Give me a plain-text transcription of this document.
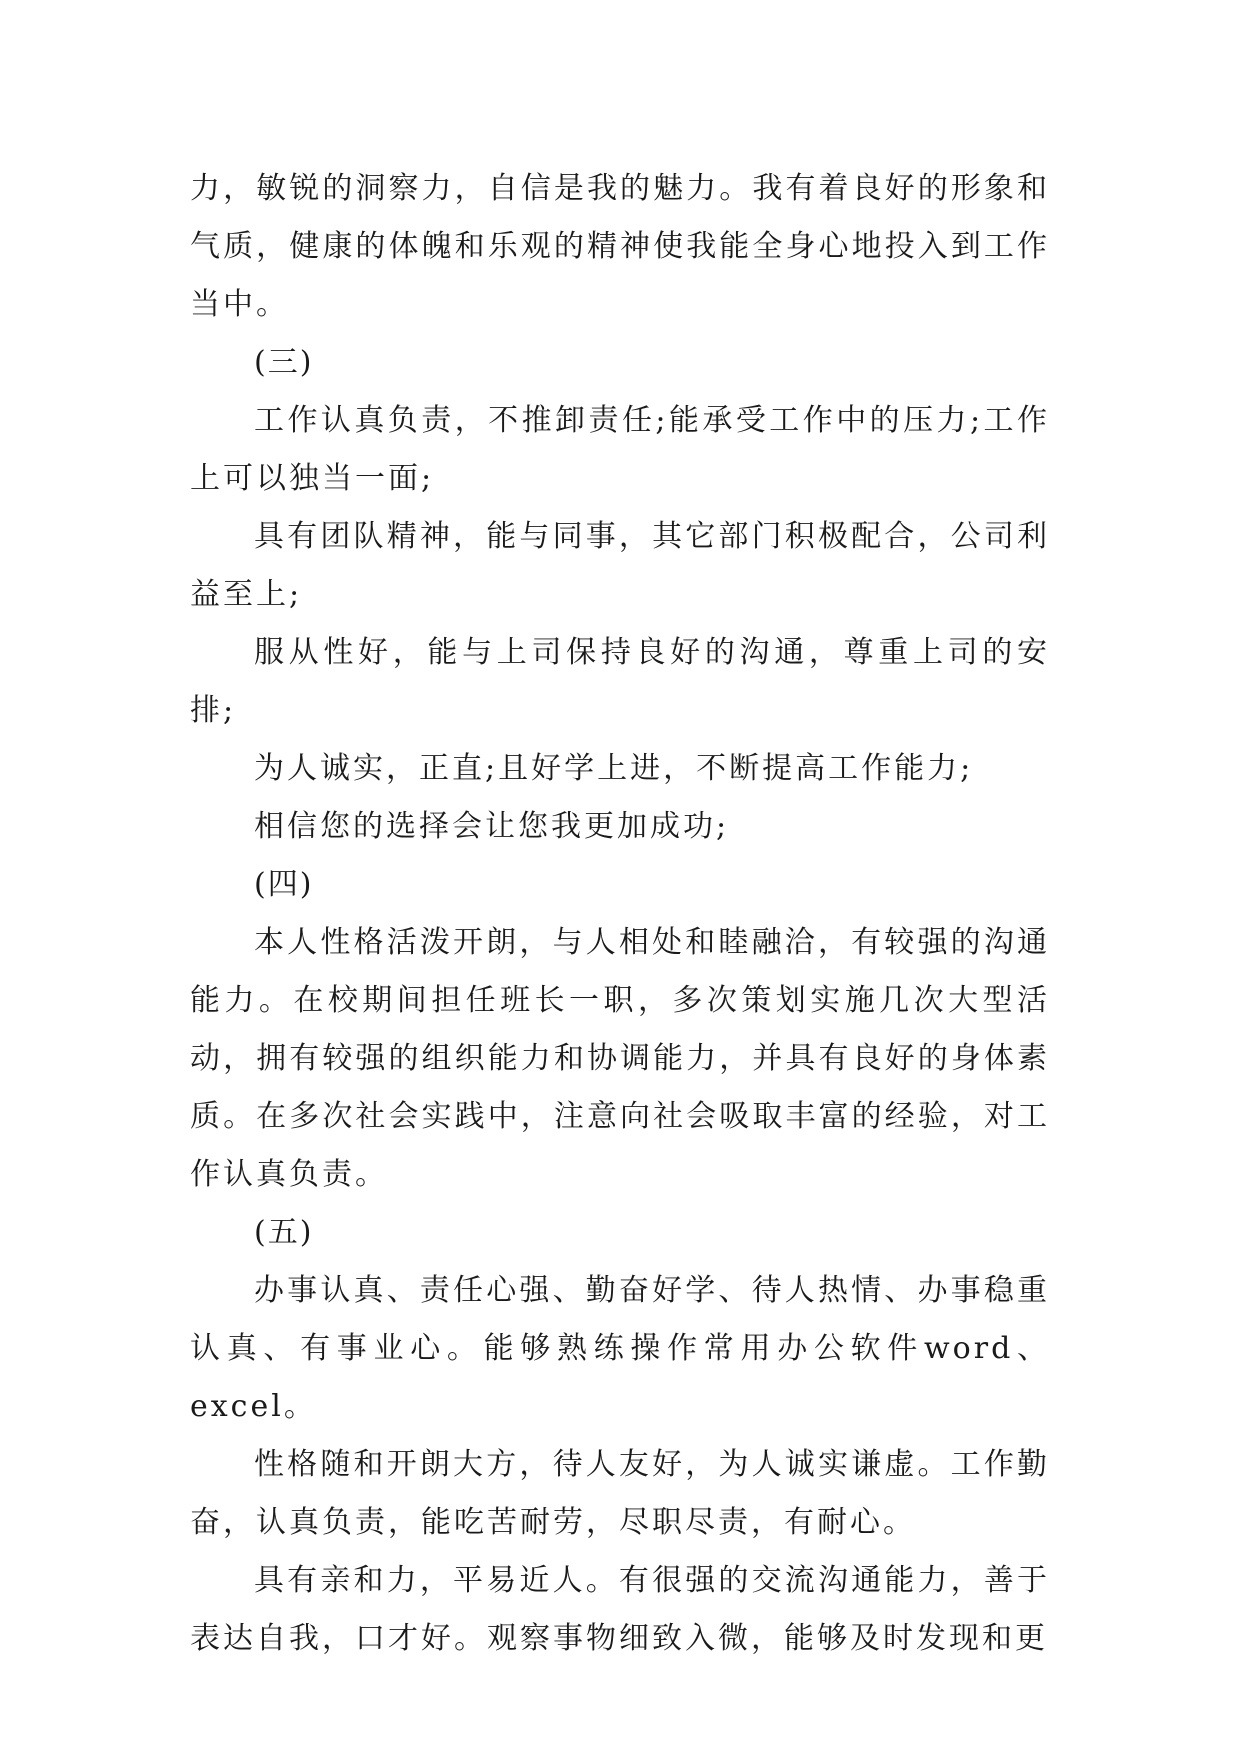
力，敏锐的洞察力，自信是我的魅力。我有着良好的形象和气质，健康的体魄和乐观的精神使我能全身心地投入到工作当中。

(三)

工作认真负责，不推卸责任;能承受工作中的压力;工作上可以独当一面;

具有团队精神，能与同事，其它部门积极配合，公司利益至上;

服从性好，能与上司保持良好的沟通，尊重上司的安排;

为人诚实，正直;且好学上进，不断提高工作能力;

相信您的选择会让您我更加成功;

(四)

本人性格活泼开朗，与人相处和睦融洽，有较强的沟通能力。在校期间担任班长一职，多次策划实施几次大型活动，拥有较强的组织能力和协调能力，并具有良好的身体素质。在多次社会实践中，注意向社会吸取丰富的经验，对工作认真负责。

(五)

办事认真、责任心强、勤奋好学、待人热情、办事稳重认真、有事业心。能够熟练操作常用办公软件word、excel。

性格随和开朗大方，待人友好，为人诚实谦虚。工作勤奋，认真负责，能吃苦耐劳，尽职尽责，有耐心。

具有亲和力，平易近人。有很强的交流沟通能力，善于表达自我，口才好。观察事物细致入微，能够及时发现和更
